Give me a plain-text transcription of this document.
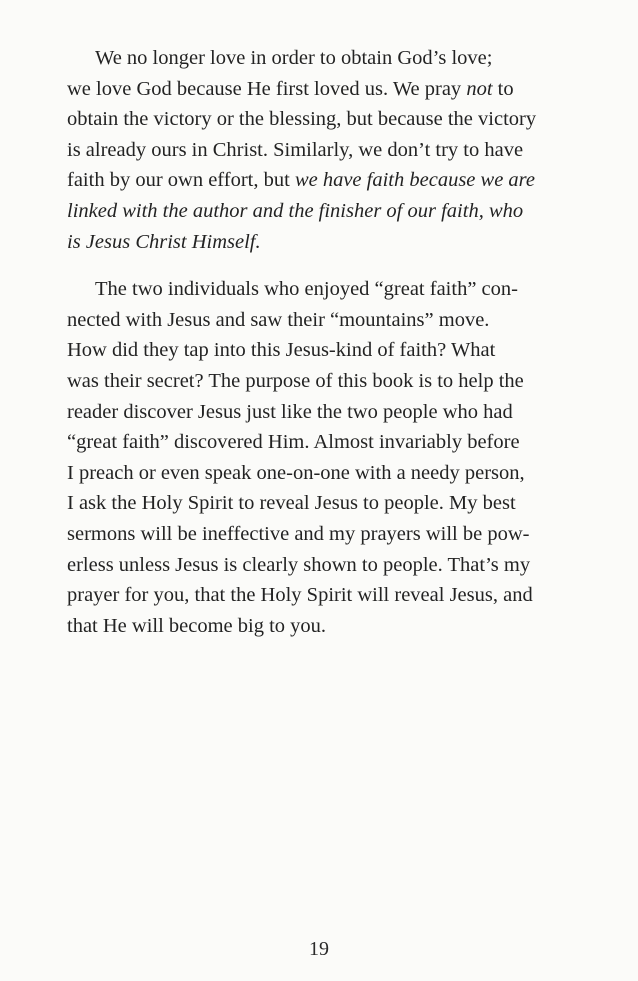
We no longer love in order to obtain God’s love;
we love God because He first loved us. We pray not to
obtain the victory or the blessing, but because the victory
is already ours in Christ. Similarly, we don’t try to have
faith by our own effort, but we have faith because we are
linked with the author and the finisher of our faith, who
is Jesus Christ Himself.

The two individuals who enjoyed “great faith” con-
nected with Jesus and saw their “mountains” move.
How did they tap into this Jesus-kind of faith? What
was their secret? The purpose of this book is to help the
reader discover Jesus just like the two people who had
“great faith” discovered Him. Almost invariably before
I preach or even speak one-on-one with a needy person,
I ask the Holy Spirit to reveal Jesus to people. My best
sermons will be ineffective and my prayers will be pow-
erless unless Jesus is clearly shown to people. That’s my
prayer for you, that the Holy Spirit will reveal Jesus, and
that He will become big to you.

19
